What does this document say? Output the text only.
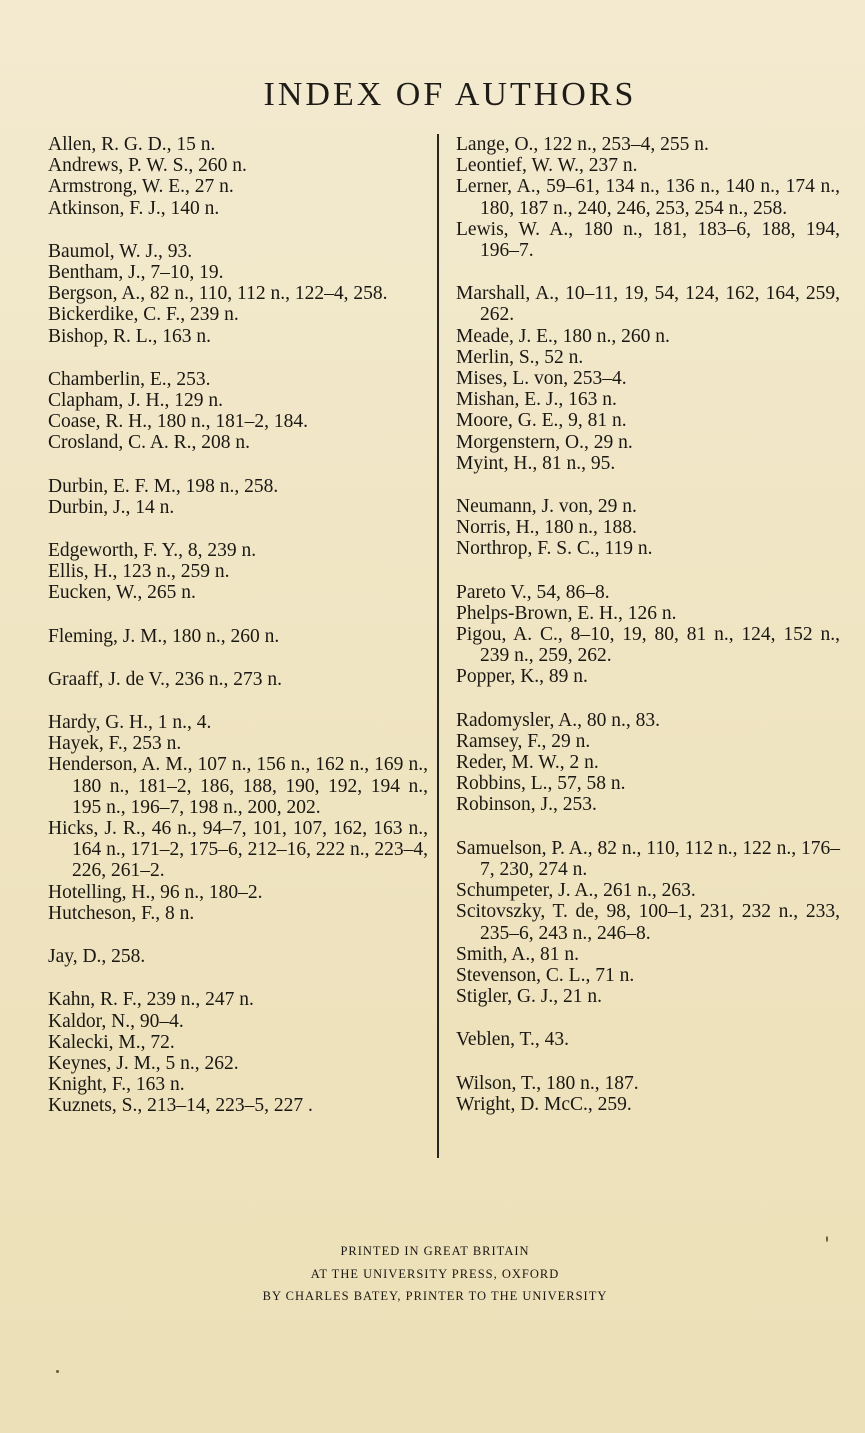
INDEX OF AUTHORS
Allen, R. G. D., 15 n.
Andrews, P. W. S., 260 n.
Armstrong, W. E., 27 n.
Atkinson, F. J., 140 n.
Baumol, W. J., 93.
Bentham, J., 7–10, 19.
Bergson, A., 82 n., 110, 112 n., 122–4, 258.
Bickerdike, C. F., 239 n.
Bishop, R. L., 163 n.
Chamberlin, E., 253.
Clapham, J. H., 129 n.
Coase, R. H., 180 n., 181–2, 184.
Crosland, C. A. R., 208 n.
Durbin, E. F. M., 198 n., 258.
Durbin, J., 14 n.
Edgeworth, F. Y., 8, 239 n.
Ellis, H., 123 n., 259 n.
Eucken, W., 265 n.
Fleming, J. M., 180 n., 260 n.
Graaff, J. de V., 236 n., 273 n.
Hardy, G. H., 1 n., 4.
Hayek, F., 253 n.
Henderson, A. M., 107 n., 156 n., 162 n., 169 n., 180 n., 181–2, 186, 188, 190, 192, 194 n., 195 n., 196–7, 198 n., 200, 202.
Hicks, J. R., 46 n., 94–7, 101, 107, 162, 163 n., 164 n., 171–2, 175–6, 212–16, 222 n., 223–4, 226, 261–2.
Hotelling, H., 96 n., 180–2.
Hutcheson, F., 8 n.
Jay, D., 258.
Kahn, R. F., 239 n., 247 n.
Kaldor, N., 90–4.
Kalecki, M., 72.
Keynes, J. M., 5 n., 262.
Knight, F., 163 n.
Kuznets, S., 213–14, 223–5, 227 .
Lange, O., 122 n., 253–4, 255 n.
Leontief, W. W., 237 n.
Lerner, A., 59–61, 134 n., 136 n., 140 n., 174 n., 180, 187 n., 240, 246, 253, 254 n., 258.
Lewis, W. A., 180 n., 181, 183–6, 188, 194, 196–7.
Marshall, A., 10–11, 19, 54, 124, 162, 164, 259, 262.
Meade, J. E., 180 n., 260 n.
Merlin, S., 52 n.
Mises, L. von, 253–4.
Mishan, E. J., 163 n.
Moore, G. E., 9, 81 n.
Morgenstern, O., 29 n.
Myint, H., 81 n., 95.
Neumann, J. von, 29 n.
Norris, H., 180 n., 188.
Northrop, F. S. C., 119 n.
Pareto V., 54, 86–8.
Phelps-Brown, E. H., 126 n.
Pigou, A. C., 8–10, 19, 80, 81 n., 124, 152 n., 239 n., 259, 262.
Popper, K., 89 n.
Radomysler, A., 80 n., 83.
Ramsey, F., 29 n.
Reder, M. W., 2 n.
Robbins, L., 57, 58 n.
Robinson, J., 253.
Samuelson, P. A., 82 n., 110, 112 n., 122 n., 176–7, 230, 274 n.
Schumpeter, J. A., 261 n., 263.
Scitovszky, T. de, 98, 100–1, 231, 232 n., 233, 235–6, 243 n., 246–8.
Smith, A., 81 n.
Stevenson, C. L., 71 n.
Stigler, G. J., 21 n.
Veblen, T., 43.
Wilson, T., 180 n., 187.
Wright, D. McC., 259.
PRINTED IN GREAT BRITAIN
AT THE UNIVERSITY PRESS, OXFORD
BY CHARLES BATEY, PRINTER TO THE UNIVERSITY
